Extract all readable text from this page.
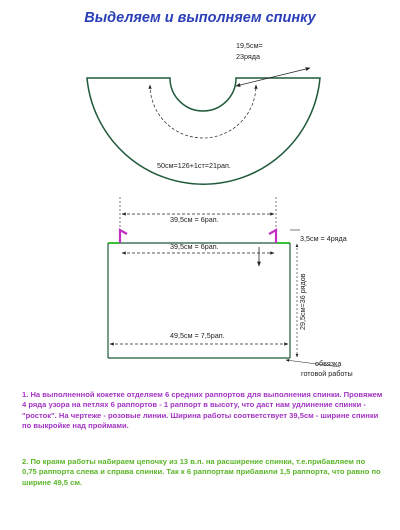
Выделяем и выполняем спинку
19,5см=
23ряда
50см=126+1ст=21рап.
39,5см = 6рап.
3,5см = 4ряда
39,5см = 6рап.
29,5см=36 рядов
49,5см = 7,5рап.
обвязка
готовой работы

1. На выполненной кокетке отделяем 6 средних раппортов для выполнения спинки. Провяжем 4 ряда узора на петлях 6 раппортов - 1 раппорт в высоту, что даст нам удлинение спинки - "росток". На чертеже - розовые линии. Ширина работы соответствует 39,5см - ширине спинки по выкройке над проймами.

2. По краям работы набираем цепочку из 13 в.п. на расширение спинки, т.е.прибавляем по 0,75 раппорта слева и справа спинки. Так к 6 раппортам прибавили 1,5 раппорта, что равно по ширине 49,5 см.
